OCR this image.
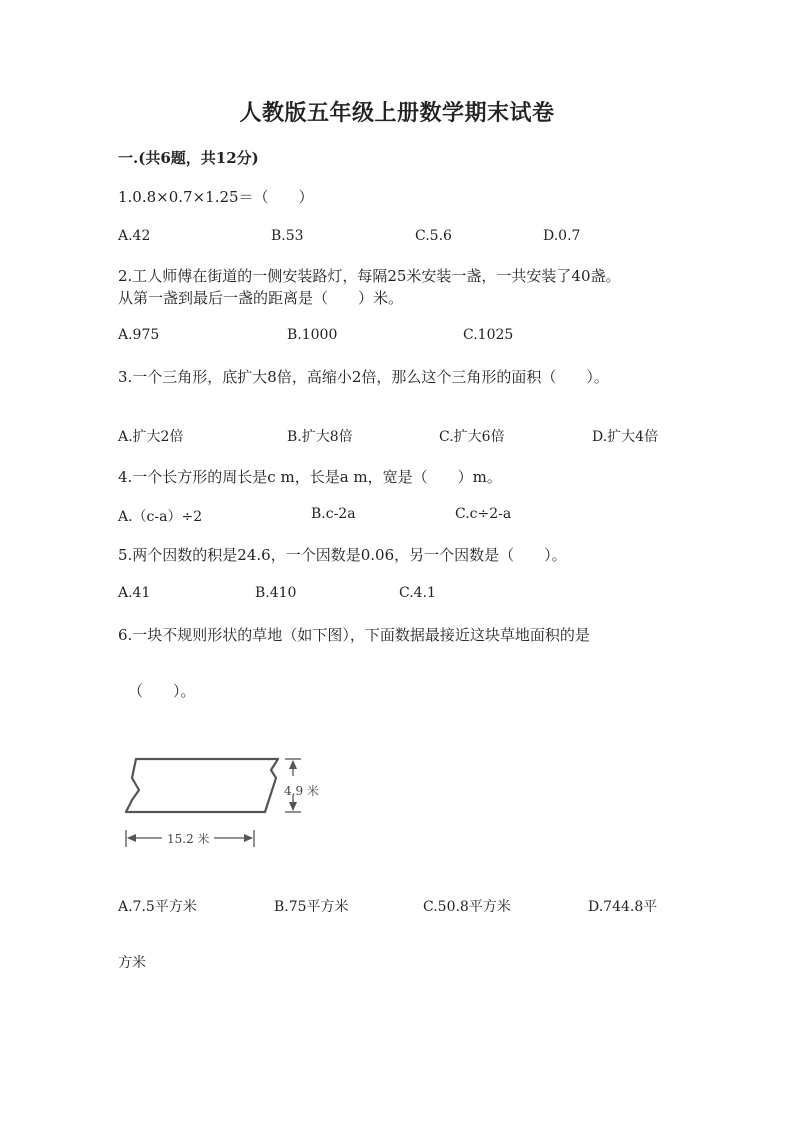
人教版五年级上册数学期末试卷
一.(共6题，共12分)
1.0.8×0.7×1.25＝（　　）
A.42	B.53	C.5.6	D.0.7
2.工人师傅在街道的一侧安装路灯，每隔25米安装一盏，一共安装了40盏。
从第一盏到最后一盏的距离是（　　）米。
A.975	B.1000	C.1025
3.一个三角形，底扩大8倍，高缩小2倍，那么这个三角形的面积（　　）。
A.扩大2倍	B.扩大8倍	C.扩大6倍	D.扩大4倍
4.一个长方形的周长是c m，长是a m，宽是（　　）m。
A.（c-a）÷2	B.c-2a	C.c÷2-a
5.两个因数的积是24.6，一个因数是0.06，另一个因数是（　　）。
A.41	B.410	C.4.1
6.一块不规则形状的草地（如下图），下面数据最接近这块草地面积的是
（　　）。
4.9 米
15.2 米
A.7.5平方米	B.75平方米	C.50.8平方米	D.744.8平
方米
